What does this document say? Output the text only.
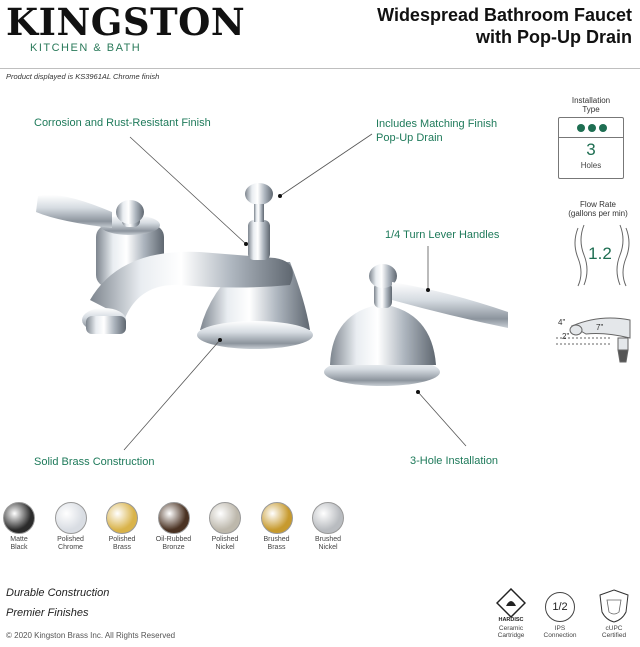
KINGSTON
KITCHEN & BATH
Widespread Bathroom Faucet
with Pop-Up Drain
Product displayed is KS3961AL Chrome finish
Corrosion and Rust-Resistant Finish	Includes Matching Finish
Pop-Up Drain
1/4 Turn Lever Handles
Solid Brass Construction	3-Hole Installation
Installation
Type
3
Holes
Flow Rate
(gallons per min)
1.2
4"
7"
2"
Matte
Black
Polished
Chrome
Polished
Brass
Oil-Rubbed
Bronze
Polished
Nickel
Brushed
Brass
Brushed
Nickel
Durable Construction
Premier Finishes
© 2020 Kingston Brass Inc. All Rights Reserved
HARDISC
Ceramic
Cartridge
1/2
IPS
Connection
cUPC
Certified
